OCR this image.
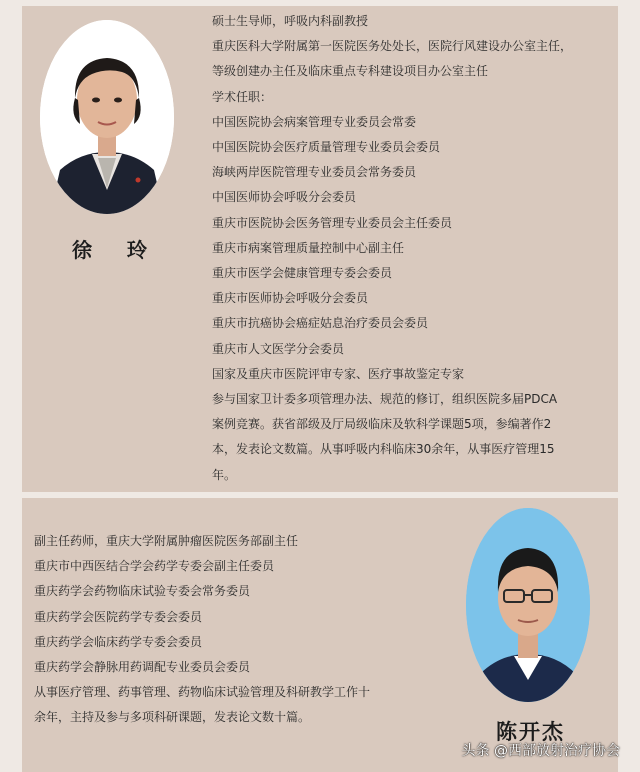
徐 玲
硕士生导师，呼吸内科副教授
重庆医科大学附属第一医院医务处处长，医院行风建设办公室主任，
等级创建办主任及临床重点专科建设项目办公室主任
学术任职：
中国医院协会病案管理专业委员会常委
中国医院协会医疗质量管理专业委员会委员
海峡两岸医院管理专业委员会常务委员
中国医师协会呼吸分会委员
重庆市医院协会医务管理专业委员会主任委员
重庆市病案管理质量控制中心副主任
重庆市医学会健康管理专委会委员
重庆市医师协会呼吸分会委员
重庆市抗癌协会癌症姑息治疗委员会委员
重庆市人文医学分会委员
国家及重庆市医院评审专家、医疗事故鉴定专家
参与国家卫计委多项管理办法、规范的修订，组织医院多届PDCA
案例竞赛。获省部级及厅局级临床及软科学课题5项，参编著作2
本，发表论文数篇。从事呼吸内科临床30余年，从事医疗管理15
年。
副主任药师，重庆大学附属肿瘤医院医务部副主任
重庆市中西医结合学会药学专委会副主任委员
重庆药学会药物临床试验专委会常务委员
重庆药学会医院药学专委会委员
重庆药学会临床药学专委会委员
重庆药学会静脉用药调配专业委员会委员
从事医疗管理、药事管理、药物临床试验管理及科研教学工作十
余年，主持及参与多项科研课题，发表论文数十篇。
陈开杰
头条 @西部放射治疗协会
